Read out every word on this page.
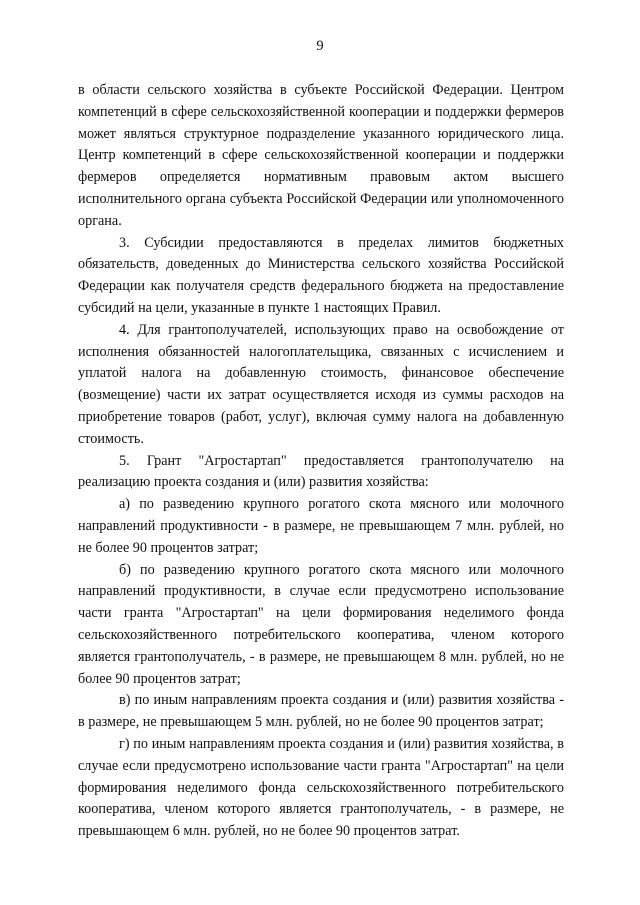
9

в области сельского хозяйства в субъекте Российской Федерации. Центром компетенций в сфере сельскохозяйственной кооперации и поддержки фермеров может являться структурное подразделение указанного юридического лица. Центр компетенций в сфере сельскохозяйственной кооперации и поддержки фермеров определяется нормативным правовым актом высшего исполнительного органа субъекта Российской Федерации или уполномоченного органа.

3. Субсидии предоставляются в пределах лимитов бюджетных обязательств, доведенных до Министерства сельского хозяйства Российской Федерации как получателя средств федерального бюджета на предоставление субсидий на цели, указанные в пункте 1 настоящих Правил.

4. Для грантополучателей, использующих право на освобождение от исполнения обязанностей налогоплательщика, связанных с исчислением и уплатой налога на добавленную стоимость, финансовое обеспечение (возмещение) части их затрат осуществляется исходя из суммы расходов на приобретение товаров (работ, услуг), включая сумму налога на добавленную стоимость.

5. Грант "Агростартап" предоставляется грантополучателю на реализацию проекта создания и (или) развития хозяйства:

а) по разведению крупного рогатого скота мясного или молочного направлений продуктивности - в размере, не превышающем 7 млн. рублей, но не более 90 процентов затрат;

б) по разведению крупного рогатого скота мясного или молочного направлений продуктивности, в случае если предусмотрено использование части гранта "Агростартап" на цели формирования неделимого фонда сельскохозяйственного потребительского кооператива, членом которого является грантополучатель, - в размере, не превышающем 8 млн. рублей, но не более 90 процентов затрат;

в) по иным направлениям проекта создания и (или) развития хозяйства - в размере, не превышающем 5 млн. рублей, но не более 90 процентов затрат;

г) по иным направлениям проекта создания и (или) развития хозяйства, в случае если предусмотрено использование части гранта "Агростартап" на цели формирования неделимого фонда сельскохозяйственного потребительского кооператива, членом которого является грантополучатель, - в размере, не превышающем 6 млн. рублей, но не более 90 процентов затрат.
